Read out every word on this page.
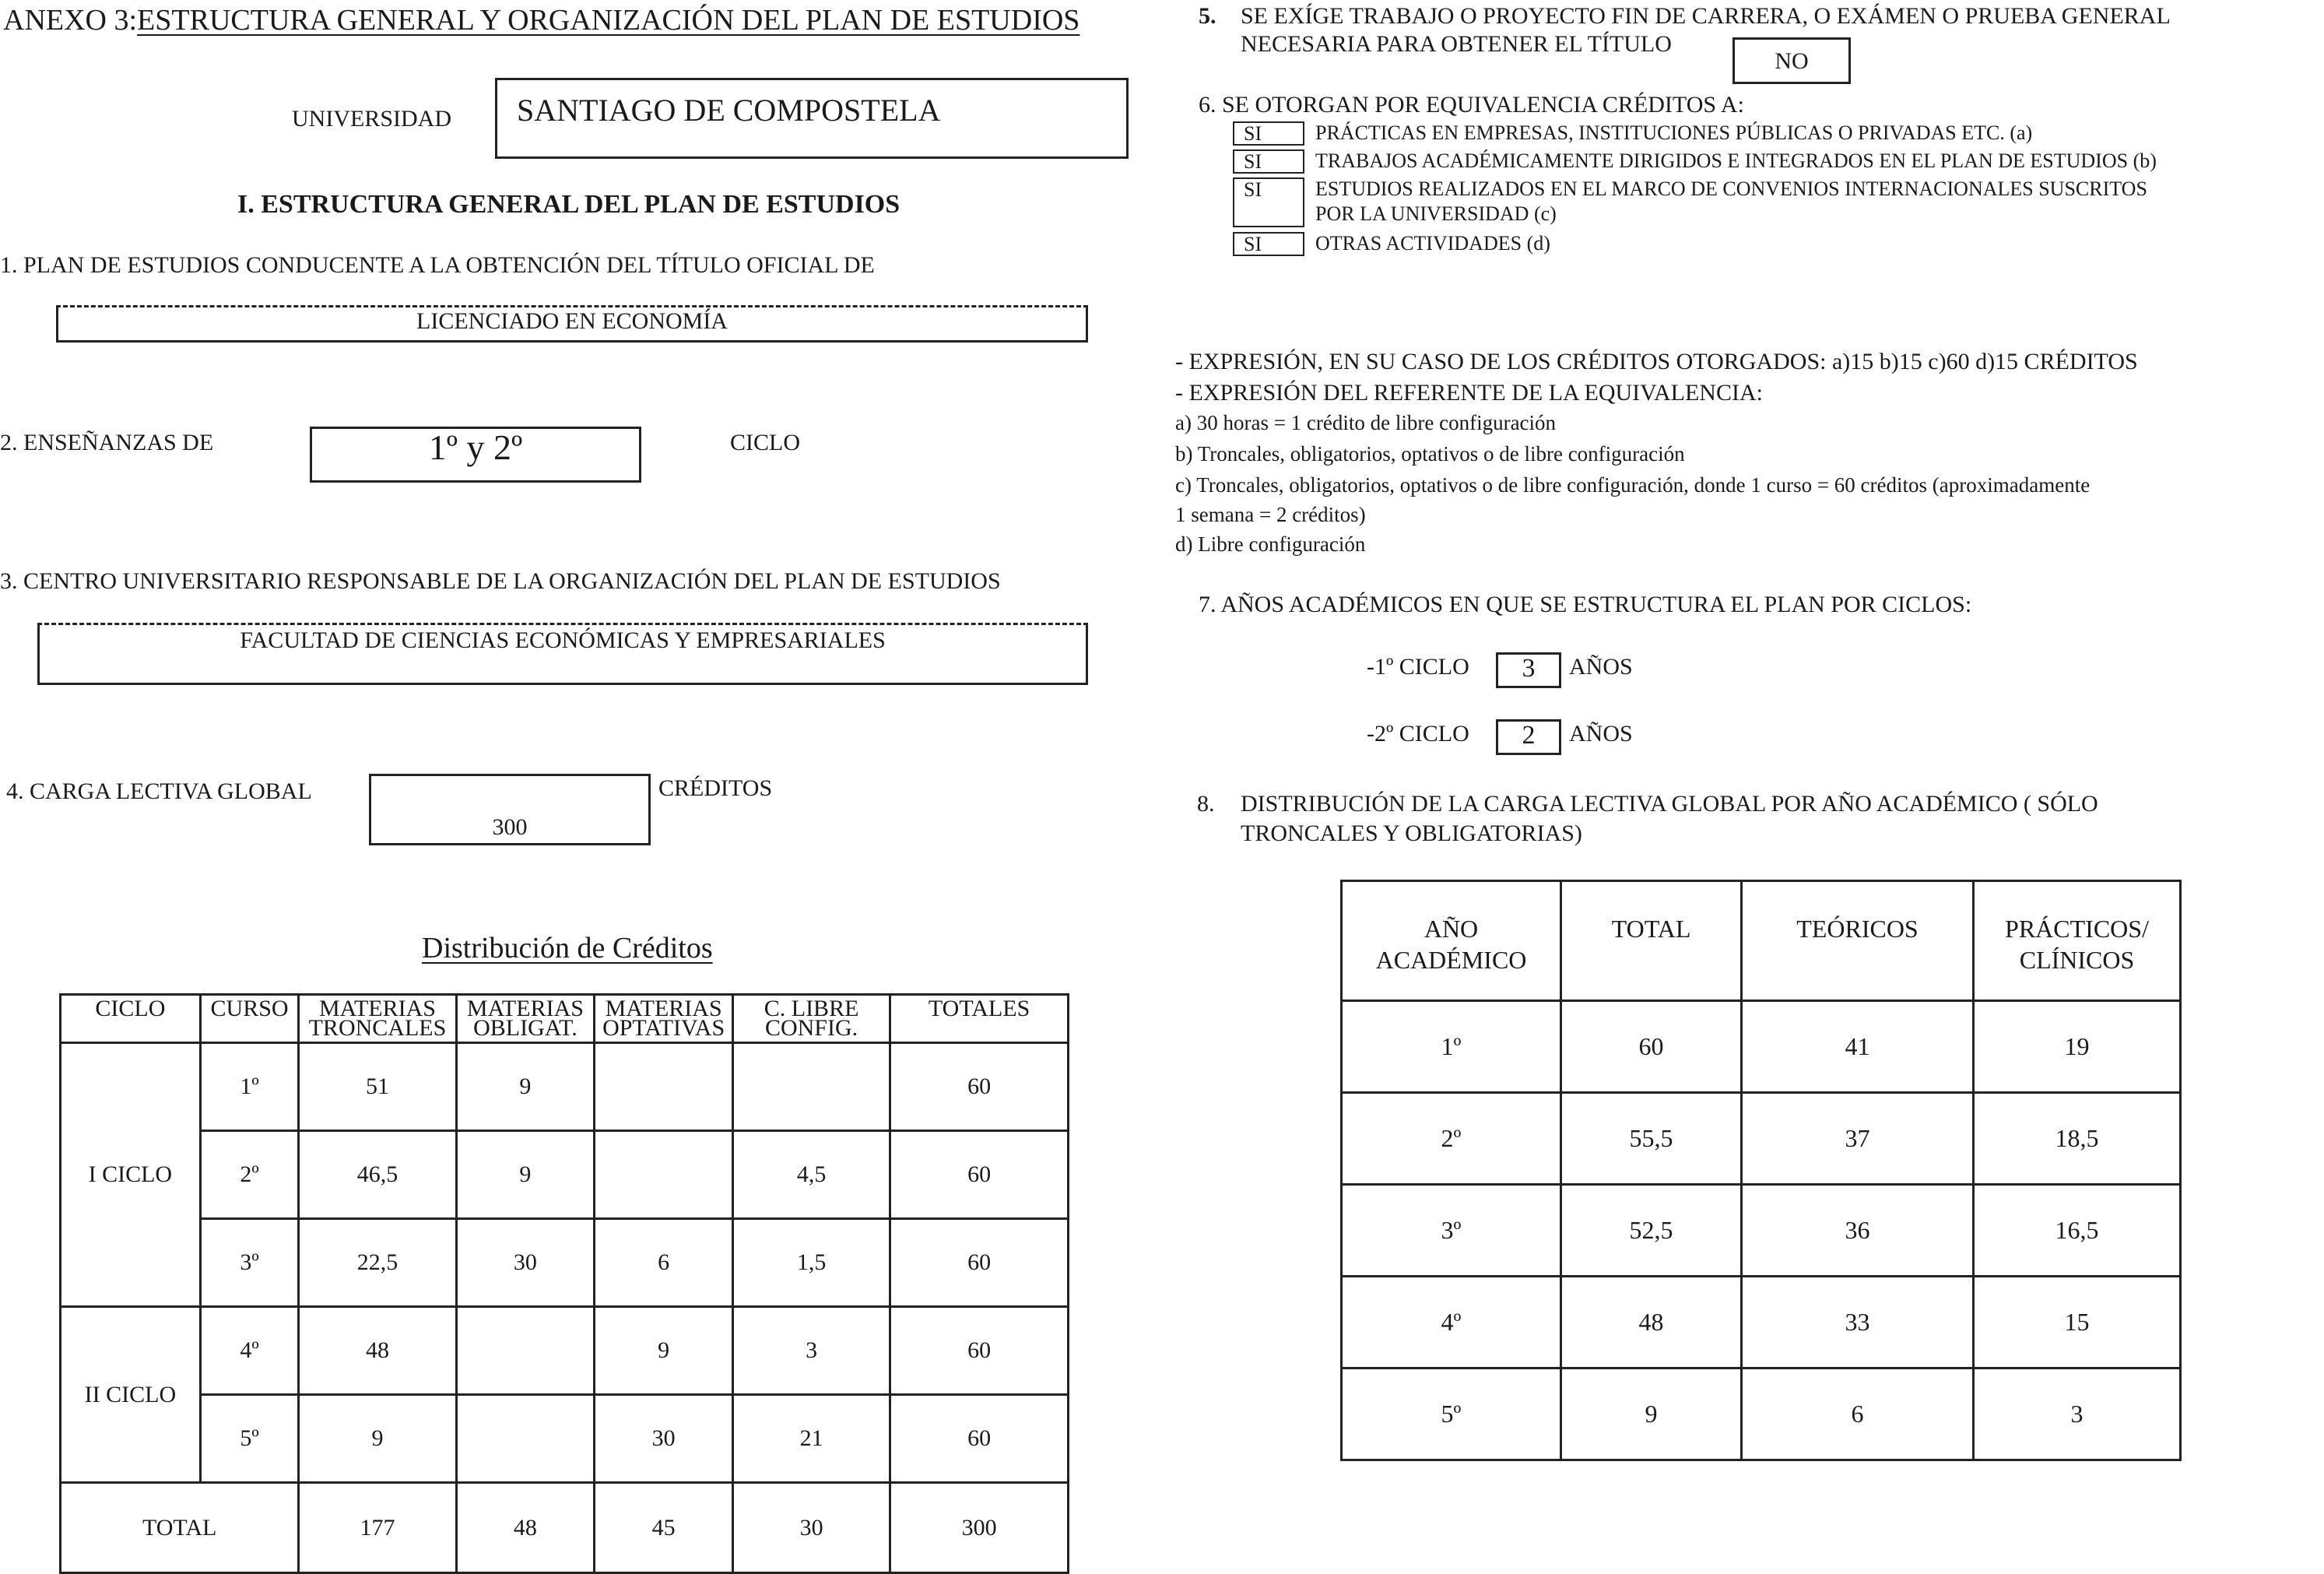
ANEXO 3:ESTRUCTURA GENERAL Y ORGANIZACIÓN DEL PLAN DE ESTUDIOS
UNIVERSIDAD SANTIAGO DE COMPOSTELA
I. ESTRUCTURA GENERAL DEL PLAN DE ESTUDIOS
1. PLAN DE ESTUDIOS CONDUCENTE A LA OBTENCIÓN DEL TÍTULO OFICIAL DE
LICENCIADO EN ECONOMÍA
2. ENSEÑANZAS DE	1º y 2º	CICLO
3. CENTRO UNIVERSITARIO RESPONSABLE DE LA ORGANIZACIÓN DEL PLAN DE ESTUDIOS
FACULTAD DE CIENCIAS ECONÓMICAS Y EMPRESARIALES
4. CARGA LECTIVA GLOBAL
300
CRÉDITOS
Distribución de Créditos
CICLO	CURSO	MATERIAS TRONCALES	MATERIAS OBLIGAT.	MATERIAS OPTATIVAS	C. LIBRE CONFIG.	TOTALES
I CICLO	1º	51	9			60
	2º	46,5	9		4,5	60
	3º	22,5	30	6	1,5	60
II CICLO	4º	48		9	3	60
	5º	9		30	21	60
TOTAL		177	48	45	30	300
5. SE EXÍGE TRABAJO O PROYECTO FIN DE CARRERA, O EXÁMEN O PRUEBA GENERAL
NECESARIA PARA OBTENER EL TÍTULO
NO
6. SE OTORGAN POR EQUIVALENCIA CRÉDITOS A:
SI	PRÁCTICAS EN EMPRESAS, INSTITUCIONES PÚBLICAS O PRIVADAS ETC. (a)
SI	TRABAJOS ACADÉMICAMENTE DIRIGIDOS E INTEGRADOS EN EL PLAN DE ESTUDIOS (b)
SI	ESTUDIOS REALIZADOS EN EL MARCO DE CONVENIOS INTERNACIONALES SUSCRITOS
POR LA UNIVERSIDAD (c)
SI	OTRAS ACTIVIDADES (d)
- EXPRESIÓN, EN SU CASO DE LOS CRÉDITOS OTORGADOS: a)15 b)15 c)60 d)15 CRÉDITOS
- EXPRESIÓN DEL REFERENTE DE LA EQUIVALENCIA:
a) 30 horas = 1 crédito de libre configuración
b) Troncales, obligatorios, optativos o de libre configuración
c) Troncales, obligatorios, optativos o de libre configuración, donde 1 curso = 60 créditos (aproximadamente
1 semana = 2 créditos)
d) Libre configuración
7. AÑOS ACADÉMICOS EN QUE SE ESTRUCTURA EL PLAN POR CICLOS:
-1º CICLO	3	AÑOS
-2º CICLO	2	AÑOS
8. DISTRIBUCIÓN DE LA CARGA LECTIVA GLOBAL POR AÑO ACADÉMICO ( SÓLO
TRONCALES Y OBLIGATORIAS)
AÑO ACADÉMICO	TOTAL	TEÓRICOS	PRÁCTICOS/ CLÍNICOS
1º	60	41	19
2º	55,5	37	18,5
3º	52,5	36	16,5
4º	48	33	15
5º	9	6	3
